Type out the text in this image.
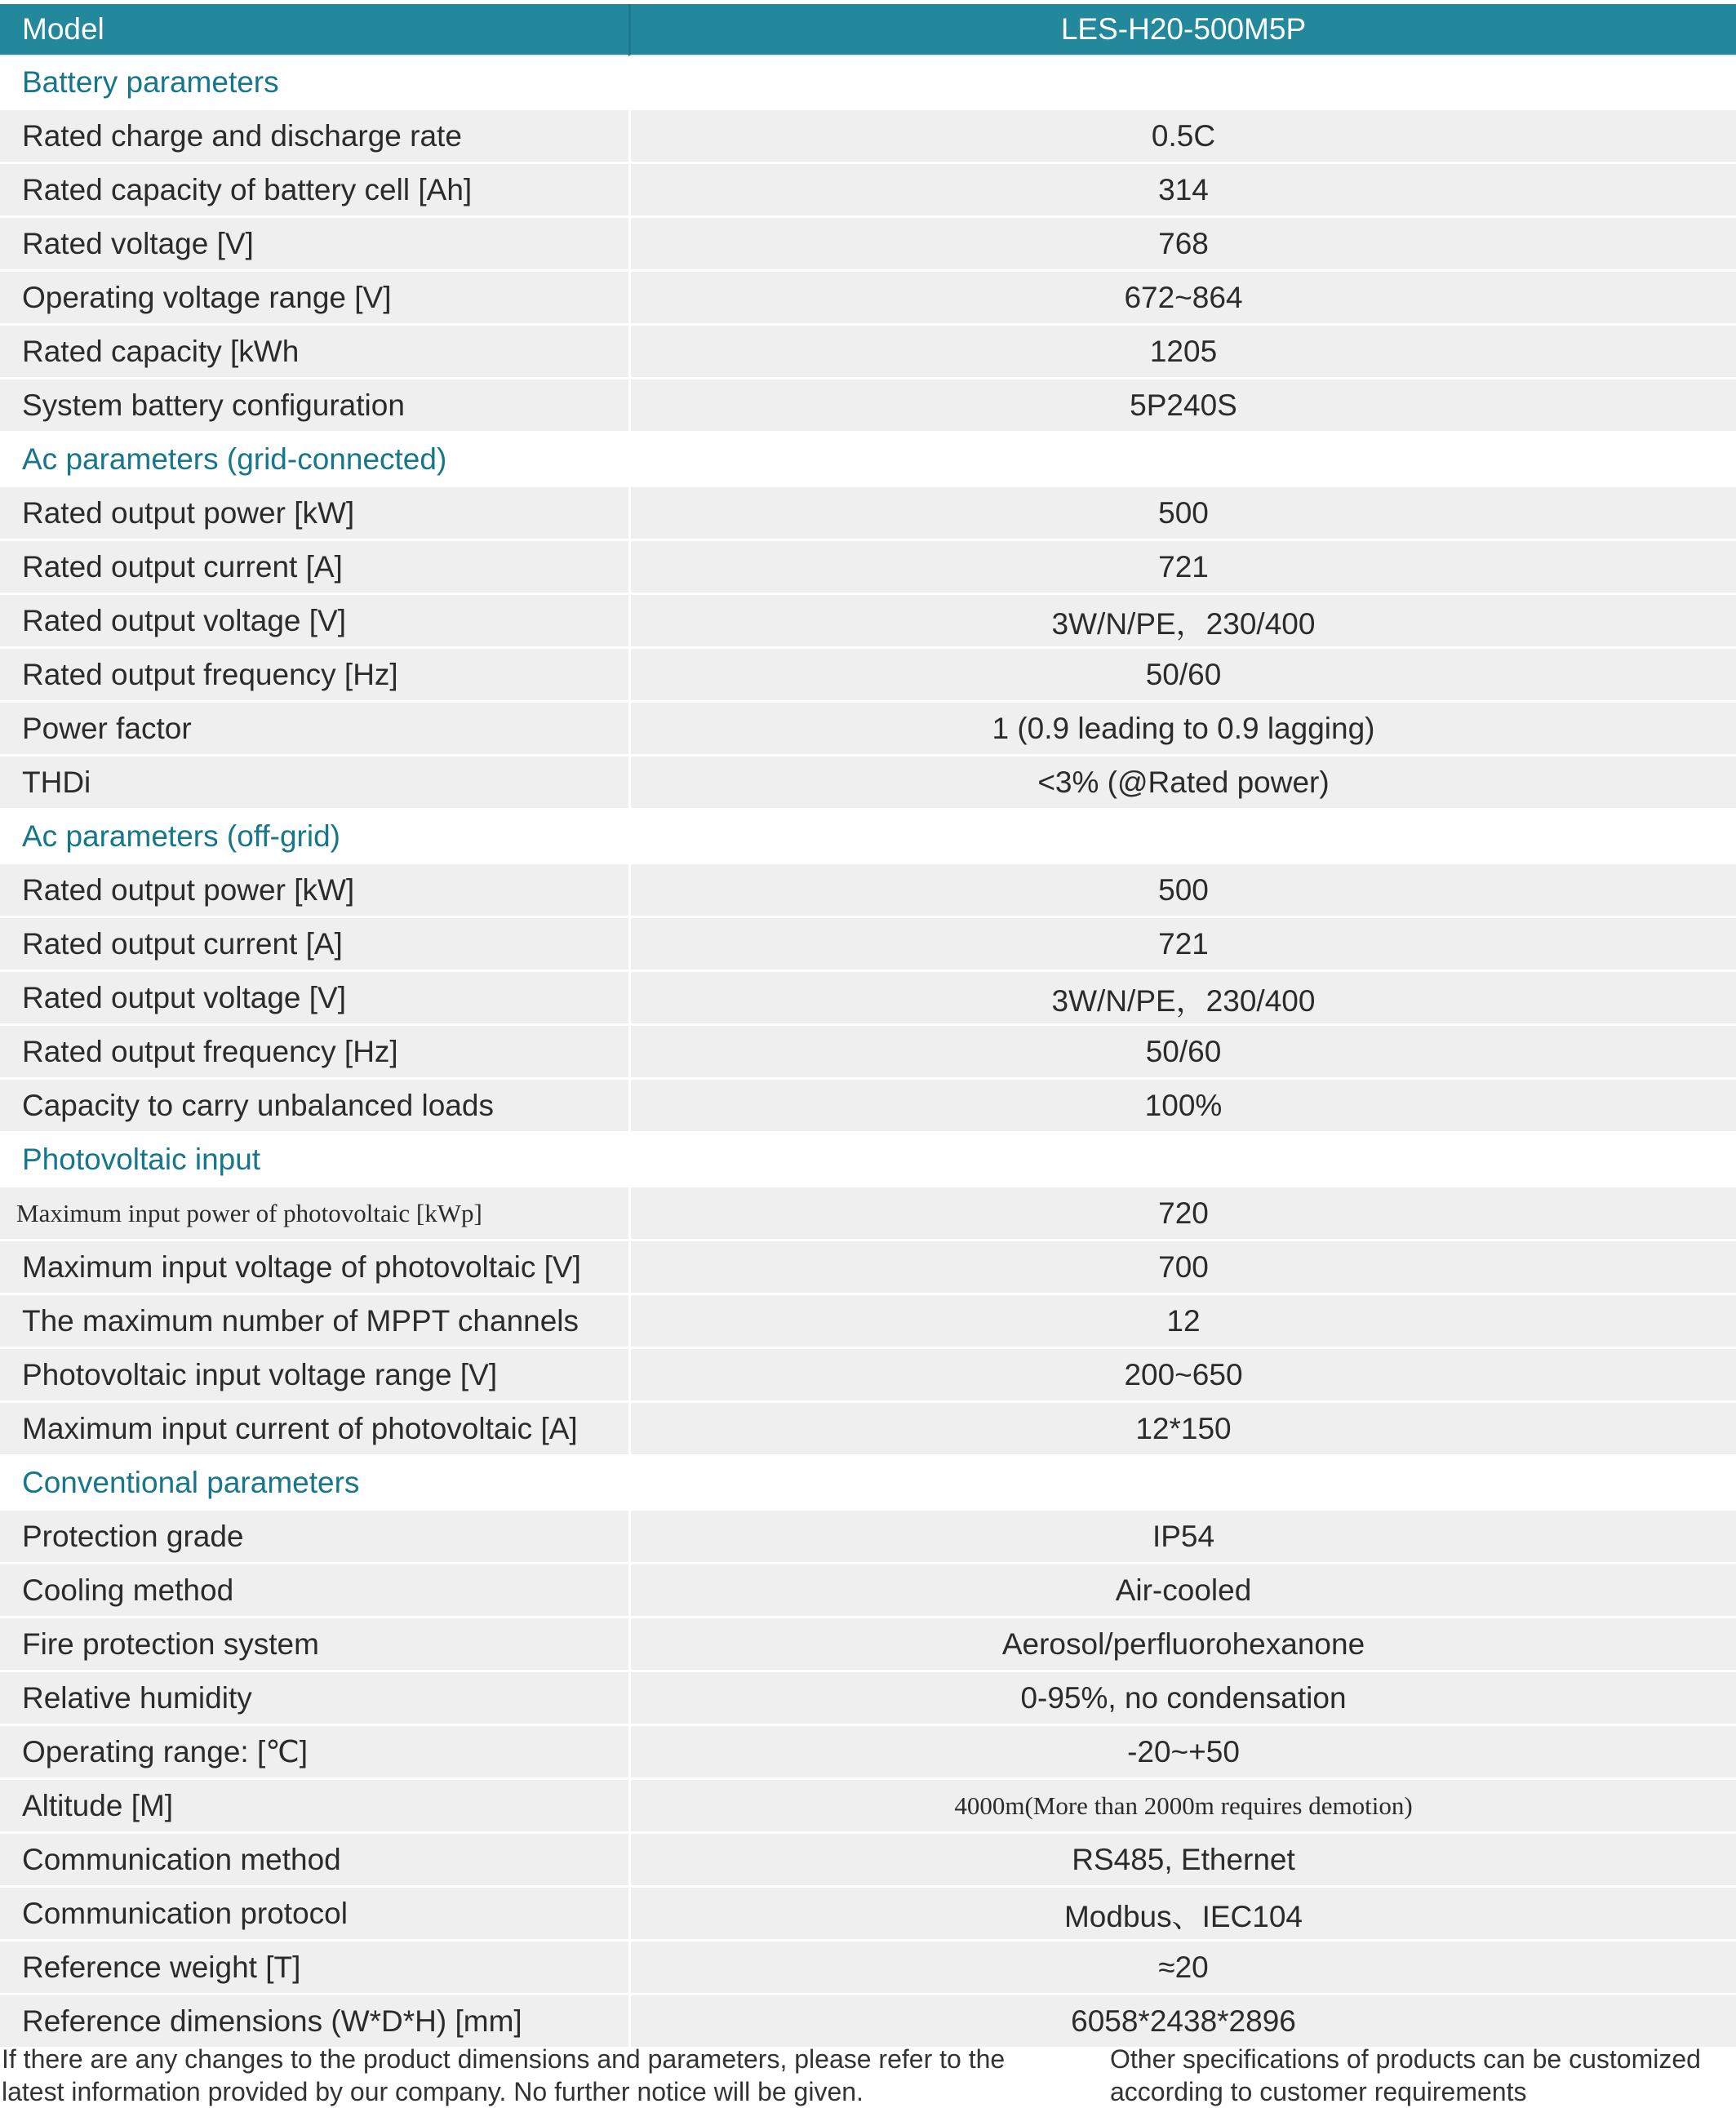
Model	LES-H20-500M5P
Battery parameters	
Rated charge and discharge rate	0.5C
Rated capacity of battery cell [Ah]	314
Rated voltage [V]	768
Operating voltage range [V]	672~864
Rated capacity [kWh	1205
System battery configuration	5P240S
Ac parameters (grid-connected)	
Rated output power [kW]	500
Rated output current [A]	721
Rated output voltage [V]	3W/N/PE，230/400
Rated output frequency [Hz]	50/60
Power factor	1 (0.9 leading to 0.9 lagging)
THDi	<3% (@Rated power)
Ac parameters (off-grid)	
Rated output power [kW]	500
Rated output current [A]	721
Rated output voltage [V]	3W/N/PE，230/400
Rated output frequency [Hz]	50/60
Capacity to carry unbalanced loads	100%
Photovoltaic input	
Maximum input power of photovoltaic [kWp]	720
Maximum input voltage of photovoltaic [V]	700
The maximum number of MPPT channels	12
Photovoltaic input voltage range [V]	200~650
Maximum input current of photovoltaic [A]	12*150
Conventional parameters	
Protection grade	IP54
Cooling method	Air-cooled
Fire protection system	Aerosol/perfluorohexanone
Relative humidity	0-95%, no condensation
Operating range: [℃]	-20~+50
Altitude [M]	4000m(More than 2000m requires demotion)
Communication method	RS485, Ethernet
Communication protocol	Modbus、IEC104
Reference weight [T]	≈20
Reference dimensions (W*D*H) [mm]	6058*2438*2896
If there are any changes to the product dimensions and parameters, please refer to the latest information provided by our company. No further notice will be given.
Other specifications of products can be customized according to customer requirements
